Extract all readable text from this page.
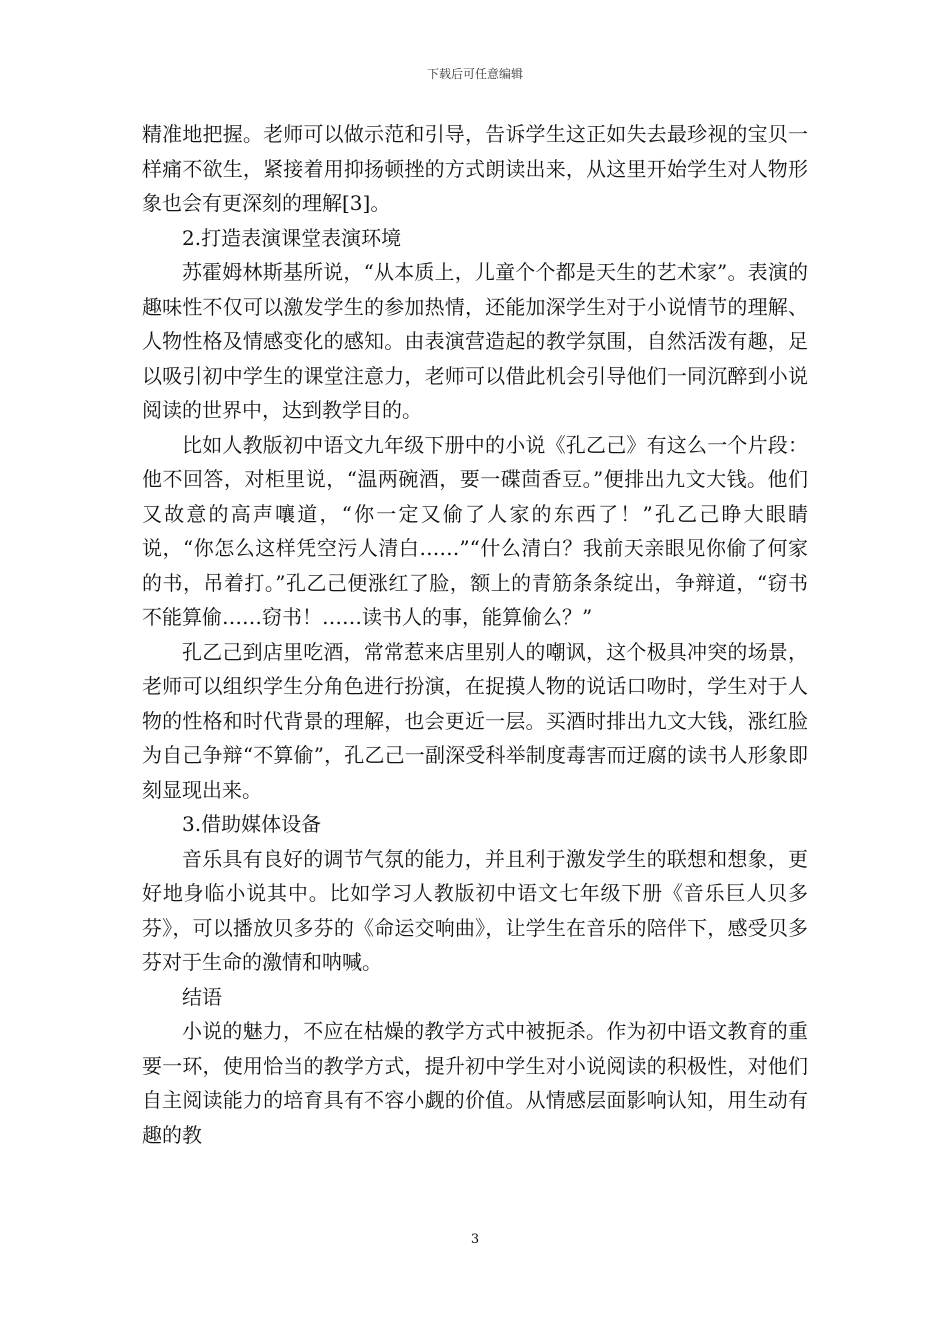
下载后可任意编辑

精准地把握。老师可以做示范和引导，告诉学生这正如失去最珍视的宝贝一样痛不欲生，紧接着用抑扬顿挫的方式朗读出来，从这里开始学生对人物形象也会有更深刻的理解[3]。

2.打造表演课堂表演环境

苏霍姆林斯基所说，“从本质上，儿童个个都是天生的艺术家”。表演的趣味性不仅可以激发学生的参加热情，还能加深学生对于小说情节的理解、人物性格及情感变化的感知。由表演营造起的教学氛围，自然活泼有趣，足以吸引初中学生的课堂注意力，老师可以借此机会引导他们一同沉醉到小说阅读的世界中，达到教学目的。

比如人教版初中语文九年级下册中的小说《孔乙己》有这么一个片段：他不回答，对柜里说，“温两碗酒，要一碟茴香豆。”便排出九文大钱。他们又故意的高声嚷道，“你一定又偷了人家的东西了！”孔乙己睁大眼睛说，“你怎么这样凭空污人清白……”“什么清白？我前天亲眼见你偷了何家的书，吊着打。”孔乙己便涨红了脸，额上的青筋条条绽出，争辩道，“窃书不能算偷……窃书！……读书人的事，能算偷么？”

孔乙己到店里吃酒，常常惹来店里别人的嘲讽，这个极具冲突的场景，老师可以组织学生分角色进行扮演，在捉摸人物的说话口吻时，学生对于人物的性格和时代背景的理解，也会更近一层。买酒时排出九文大钱，涨红脸为自己争辩“不算偷”，孔乙己一副深受科举制度毒害而迂腐的读书人形象即刻显现出来。

3.借助媒体设备

音乐具有良好的调节气氛的能力，并且利于激发学生的联想和想象，更好地身临小说其中。比如学习人教版初中语文七年级下册《音乐巨人贝多芬》，可以播放贝多芬的《命运交响曲》，让学生在音乐的陪伴下，感受贝多芬对于生命的激情和呐喊。

结语

小说的魅力，不应在枯燥的教学方式中被扼杀。作为初中语文教育的重要一环，使用恰当的教学方式，提升初中学生对小说阅读的积极性，对他们自主阅读能力的培育具有不容小觑的价值。从情感层面影响认知，用生动有趣的教

3
